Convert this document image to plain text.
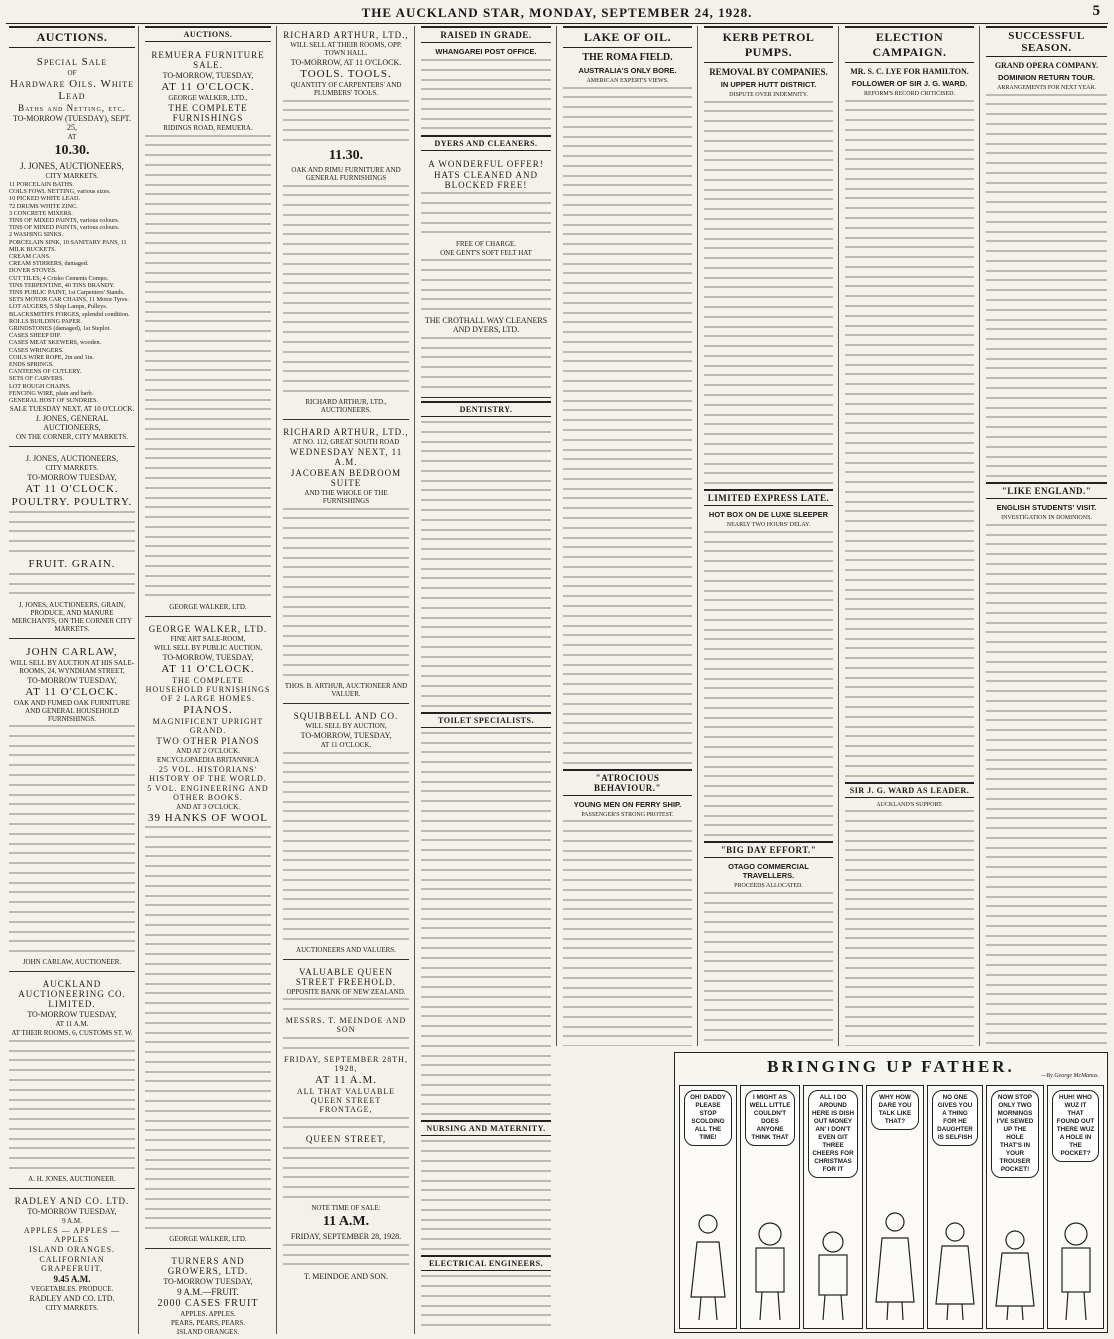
THE AUCKLAND STAR, MONDAY, SEPTEMBER 24, 1928.	5
AUCTIONS.
Special Sale
OF
Hardware Oils. White Lead
Baths and Netting, etc.
TO-MORROW (TUESDAY), SEPT. 25,
AT
10.30.
J. JONES, AUCTIONEERS,
CITY MARKETS.
11 PORCELAIN BATHS.
COILS FOWL NETTING, various sizes.
10 PICKED WHITE LEAD.
72 DRUMS WHITE ZINC.
3 CONCRETE MIXERS.
TINS OF MIXED PAINTS, various colours.
TINS OF MIXED PAINTS, various colours.
2 WASHING SINKS.
PORCELAIN SINK, 10 SANITARY PANS, 11 MILK BUCKETS.
CREAM CANS.
CREAM STIRRERS, damaged.
DOVER STOVES.
CUT TILES, 4 Crisko Cements Compo.
TINS TERPENTINE, 40 TINS BRANDY.
TINS PUBLIC PAINT, 1st Carpenters' Stands.
SETS MOTOR CAR CHAINS, 11 Motor Tyres.
LOT AUGERS, 5 Ship Lamps, Pulleys.
BLACKSMITH'S FORGES, splendid condition.
ROLLS BUILDING PAPER.
GRINDSTONES (damaged), 1st Steplot.
CASES SHEEP DIP.
CASES MEAT SKEWERS, wooden.
CASES WRINGERS.
COILS WIRE ROPE, 2in and 1in.
ENDS SPRINGS.
CANTEENS OF CUTLERY.
SETS OF CARVERS.
LOT ROUGH CHAINS.
FENCING WIRE, plain and barb.
GENERAL HOST OF SUNDRIES.
SALE TUESDAY NEXT, AT 10 O'CLOCK.
J. JONES, GENERAL AUCTIONEERS,
ON THE CORNER, CITY MARKETS.
J. JONES, AUCTIONEERS,
CITY MARKETS.
TO-MORROW TUESDAY,
AT 11 O'CLOCK.
POULTRY. POULTRY.
FRUIT. GRAIN.
J. JONES, AUCTIONEERS, GRAIN, PRODUCE, AND MANURE MERCHANTS, ON THE CORNER CITY MARKETS.
JOHN CARLAW,
WILL SELL BY AUCTION AT HIS SALE-ROOMS, 24, WYNDHAM STREET,
TO-MORROW TUESDAY,
AT 11 O'CLOCK.
OAK AND FUMED OAK FURNITURE AND GENERAL HOUSEHOLD FURNISHINGS.
JOHN CARLAW, AUCTIONEER.
AUCKLAND AUCTIONEERING CO. LIMITED.
TO-MORROW TUESDAY,
AT 11 A.M.
AT THEIR ROOMS, 6, CUSTOMS ST. W.
A. H. JONES, AUCTIONEER.
RADLEY AND CO. LTD.
TO-MORROW TUESDAY,
9 A.M.
APPLES — APPLES — APPLES
ISLAND ORANGES.
CALIFORNIAN GRAPEFRUIT.
9.45 A.M.
VEGETABLES. PRODUCE.
RADLEY AND CO. LTD.
CITY MARKETS.
AUCTIONS.
REMUERA FURNITURE SALE.
TO-MORROW, TUESDAY,
AT 11 O'CLOCK.
GEORGE WALKER, LTD.,
THE COMPLETE FURNISHINGS
RIDINGS ROAD, REMUERA.
GEORGE WALKER, LTD.
GEORGE WALKER, LTD.
FINE ART SALE-ROOM,
WILL SELL BY PUBLIC AUCTION,
TO-MORROW, TUESDAY,
AT 11 O'CLOCK.
THE COMPLETE HOUSEHOLD FURNISHINGS OF 2 LARGE HOMES.
PIANOS.
MAGNIFICENT UPRIGHT GRAND.
TWO OTHER PIANOS
AND AT 2 O'CLOCK.
ENCYCLOPAEDIA BRITANNICA
25 VOL. HISTORIANS' HISTORY OF THE WORLD.
5 VOL. ENGINEERING AND OTHER BOOKS.
AND AT 3 O'CLOCK.
39 HANKS OF WOOL
GEORGE WALKER, LTD.
TURNERS AND GROWERS, LTD.
TO-MORROW TUESDAY,
9 A.M.—FRUIT.
2000 CASES FRUIT
APPLES. APPLES.
PEARS, PEARS, PEARS.
ISLAND ORANGES.
RICHARD ARTHUR, LTD.,
WILL SELL AT THEIR ROOMS, OPP. TOWN HALL.
TO-MORROW, AT 11 O'CLOCK.
TOOLS. TOOLS.
QUANTITY OF CARPENTERS' AND PLUMBERS' TOOLS.
11.30.
OAK AND RIMU FURNITURE AND GENERAL FURNISHINGS
RICHARD ARTHUR, LTD., AUCTIONEERS.
RICHARD ARTHUR, LTD.,
AT NO. 112, GREAT SOUTH ROAD
WEDNESDAY NEXT, 11 A.M.
JACOBEAN BEDROOM SUITE
AND THE WHOLE OF THE FURNISHINGS
THOS. B. ARTHUR, AUCTIONEER AND VALUER.
SQUIBBELL AND CO.
WILL SELL BY AUCTION,
TO-MORROW, TUESDAY,
AT 11 O'CLOCK.
AUCTIONEERS AND VALUERS.
VALUABLE QUEEN STREET FREEHOLD.
OPPOSITE BANK OF NEW ZEALAND.
MESSRS. T. MEINDOE AND SON
FRIDAY, SEPTEMBER 28TH, 1928,
AT 11 A.M.
ALL THAT VALUABLE QUEEN STREET FRONTAGE,
QUEEN STREET,
NOTE TIME OF SALE:
11 A.M.
FRIDAY, SEPTEMBER 28, 1928.
T. MEINDOE AND SON.
RAISED IN GRADE.
WHANGAREI POST OFFICE.
DYERS AND CLEANERS.
A WONDERFUL OFFER!
HATS CLEANED AND BLOCKED FREE!
FREE OF CHARGE.
ONE GENT'S SOFT FELT HAT
THE CROTHALL WAY CLEANERS AND DYERS, LTD.
DENTISTRY.
TOILET SPECIALISTS.
NURSING AND MATERNITY.
ELECTRICAL ENGINEERS.
LAKE OF OIL.
THE ROMA FIELD.
AUSTRALIA'S ONLY BORE.
AMERICAN EXPERT'S VIEWS.
"ATROCIOUS BEHAVIOUR."
YOUNG MEN ON FERRY SHIP.
PASSENGER'S STRONG PROTEST.
KERB PETROL PUMPS.
REMOVAL BY COMPANIES.
IN UPPER HUTT DISTRICT.
DISPUTE OVER INDEMNITY.
LIMITED EXPRESS LATE.
HOT BOX ON DE LUXE SLEEPER
NEARLY TWO HOURS' DELAY.
"BIG DAY EFFORT."
OTAGO COMMERCIAL TRAVELLERS.
PROCEEDS ALLOCATED.
ELECTION CAMPAIGN.
MR. S. C. LYE FOR HAMILTON.
FOLLOWER OF SIR J. G. WARD.
REFORM'S RECORD CRITICISED.
SIR J. G. WARD AS LEADER.
AUCKLAND'S SUPPORT.
SUCCESSFUL SEASON.
GRAND OPERA COMPANY.
DOMINION RETURN TOUR.
ARRANGEMENTS FOR NEXT YEAR.
"LIKE ENGLAND."
ENGLISH STUDENTS' VISIT.
INVESTIGATION IN DOMINIONS.
BRINGING UP FATHER.	—By George McManus.
OH! DADDY PLEASE STOP SCOLDING ALL THE TIME!
I MIGHT AS WELL LITTLE COULDN'T DOES ANYONE THINK THAT
ALL I DO AROUND HERE IS DISH OUT MONEY AN' I DON'T EVEN GIT THREE CHEERS FOR CHRISTMAS FOR IT
WHY HOW DARE YOU TALK LIKE THAT?
NO ONE GIVES YOU A THING FOR HE DAUGHTER IS SELFISH
NOW STOP ONLY TWO MORNINGS I'VE SEWED UP THE HOLE THAT'S IN YOUR TROUSER POCKET!
HUH! WHO WUZ IT THAT FOUND OUT THERE WUZ A HOLE IN THE POCKET?
